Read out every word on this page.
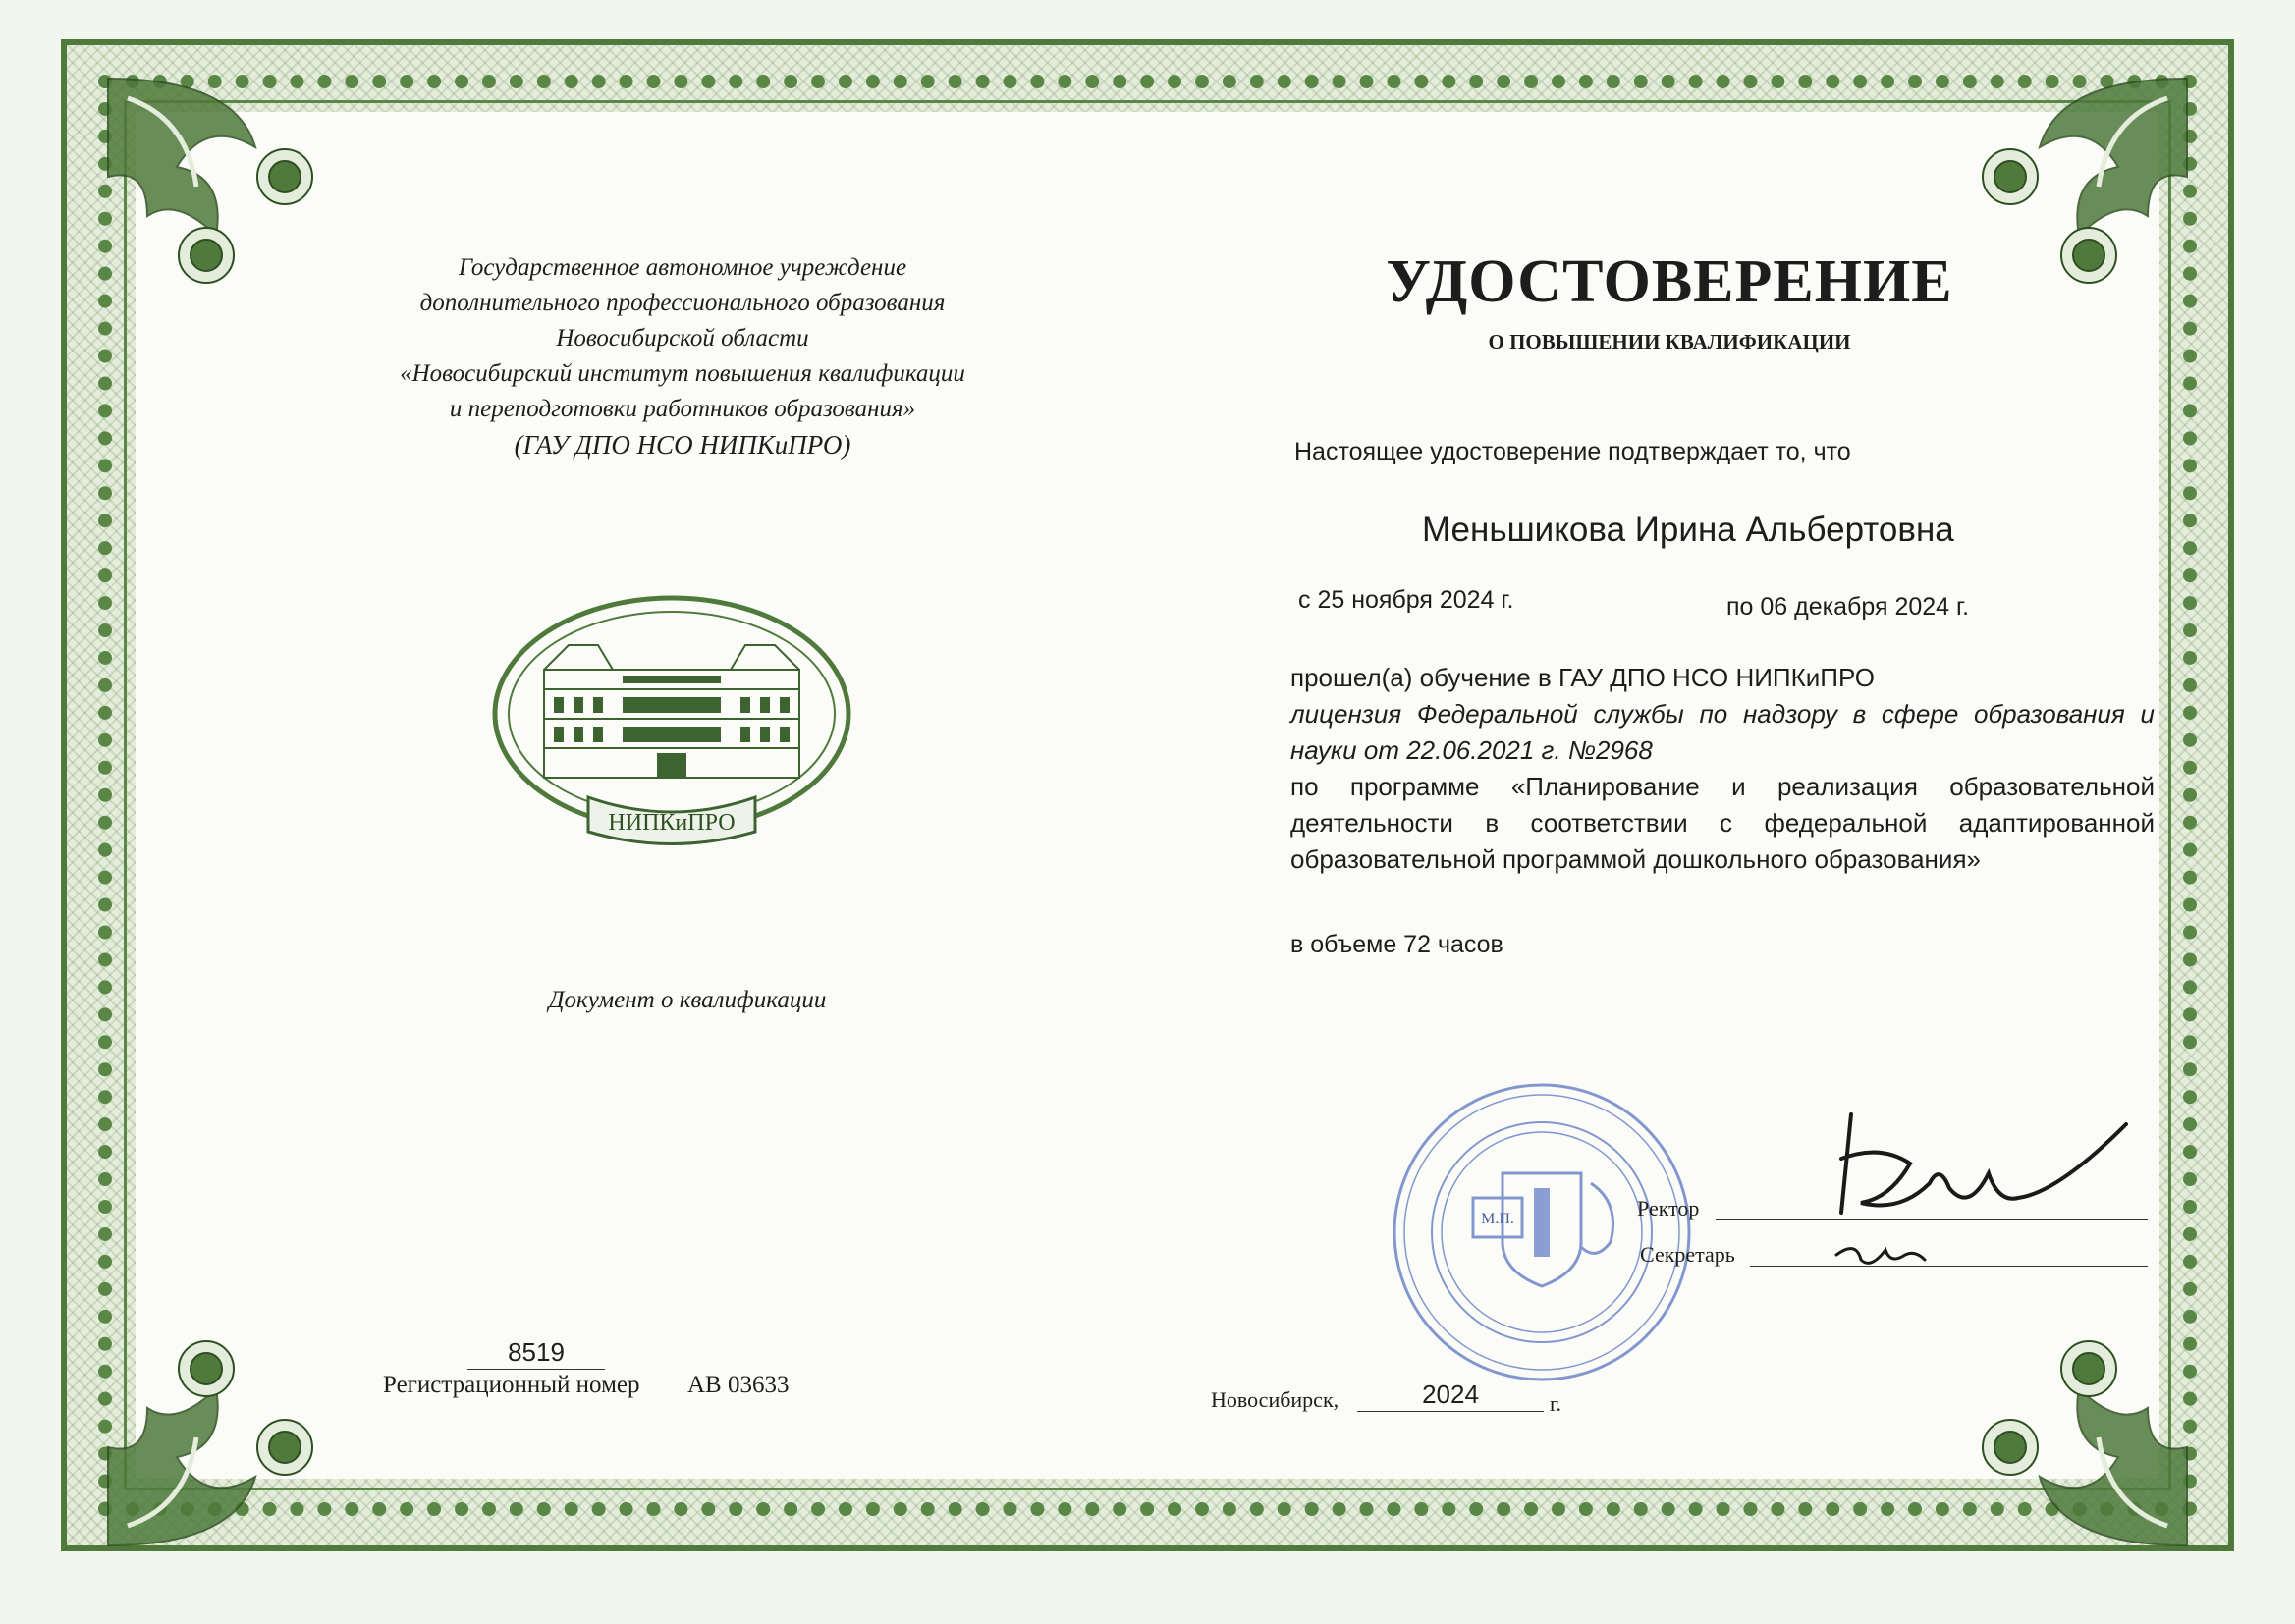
Государственное автономное учреждение
дополнительного профессионального образования
Новосибирской области
«Новосибирский институт повышения квалификации
и переподготовки работников образования»
(ГАУ ДПО НСО НИПКиПРО)
НИПКиПРО
Документ о квалификации
8519
Регистрационный номер АВ 03633
УДОСТОВЕРЕНИЕ
О ПОВЫШЕНИИ КВАЛИФИКАЦИИ
Настоящее удостоверение подтверждает то, что
Меньшикова Ирина Альбертовна
с 25 ноября 2024 г.	по 06 декабря 2024 г.

прошел(а) обучение в ГАУ ДПО НСО НИПКиПРО

лицензия Федеральной службы по надзору в сфере образования и науки от 22.06.2021 г. №2968

по программе «Планирование и реализация образовательной деятельности в соответствии с федеральной адаптированной образовательной программой дошкольного образования»

в объеме 72 часов
М.П.	Ректор
Секретарь
Новосибирск,	2024	г.
